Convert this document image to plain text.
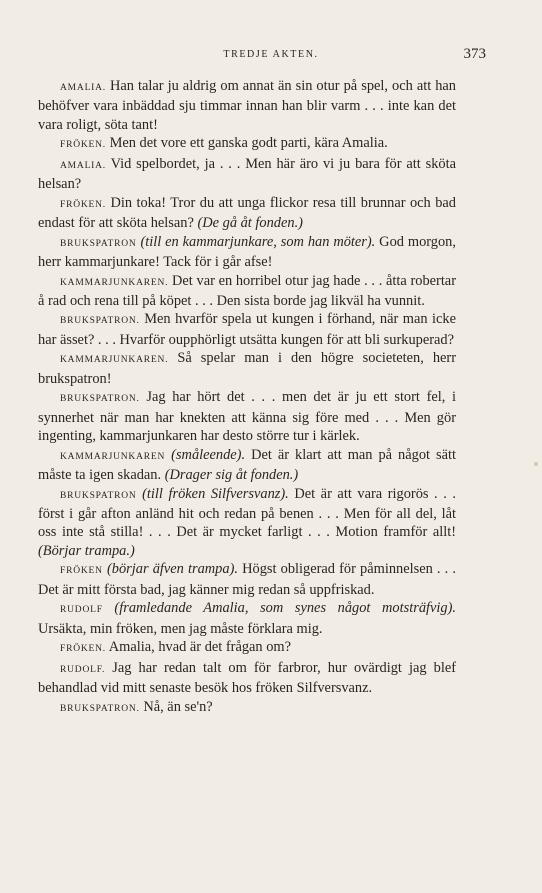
TREDJE AKTEN.	373

AMALIA. Han talar ju aldrig om annat än sin otur på spel, och att han behöfver vara inbäddad sju timmar innan han blir varm . . . inte kan det vara roligt, söta tant!

FRÖKEN. Men det vore ett ganska godt parti, kära Amalia.

AMALIA. Vid spelbordet, ja . . . Men här äro vi ju bara för att sköta helsan?

FRÖKEN. Din toka! Tror du att unga flickor resa till brunnar och bad endast för att sköta helsan? (De gå åt fonden.)

BRUKSPATRON (till en kammarjunkare, som han möter). God morgon, herr kammarjunkare! Tack för i går afse!

KAMMARJUNKAREN. Det var en horribel otur jag hade . . . åtta robertar å rad och rena till på köpet . . . Den sista borde jag likväl ha vunnit.

BRUKSPATRON. Men hvarför spela ut kungen i förhand, när man icke har ässet? . . . Hvarför oupphörligt utsätta kungen för att bli surkuperad?

KAMMARJUNKAREN. Så spelar man i den högre societeten, herr brukspatron!

BRUKSPATRON. Jag har hört det . . . men det är ju ett stort fel, i synnerhet när man har knekten att känna sig före med . . . Men gör ingenting, kammarjunkaren har desto större tur i kärlek.

KAMMARJUNKAREN (småleende). Det är klart att man på något sätt måste ta igen skadan. (Drager sig åt fonden.)

BRUKSPATRON (till fröken Silfversvanz). Det är att vara rigorös . . . först i går afton anländ hit och redan på benen . . . Men för all del, låt oss inte stå stilla! . . . Det är mycket farligt . . . Motion framför allt! (Börjar trampa.)

FRÖKEN (börjar äfven trampa). Högst obligerad för påminnelsen . . . Det är mitt första bad, jag känner mig redan så uppfriskad.

RUDOLF (framledande Amalia, som synes något motsträfvig). Ursäkta, min fröken, men jag måste förklara mig.

FRÖKEN. Amalia, hvad är det frågan om?

RUDOLF. Jag har redan talt om för farbror, hur ovärdigt jag blef behandlad vid mitt senaste besök hos fröken Silfversvanz.

BRUKSPATRON. Nå, än se'n?
